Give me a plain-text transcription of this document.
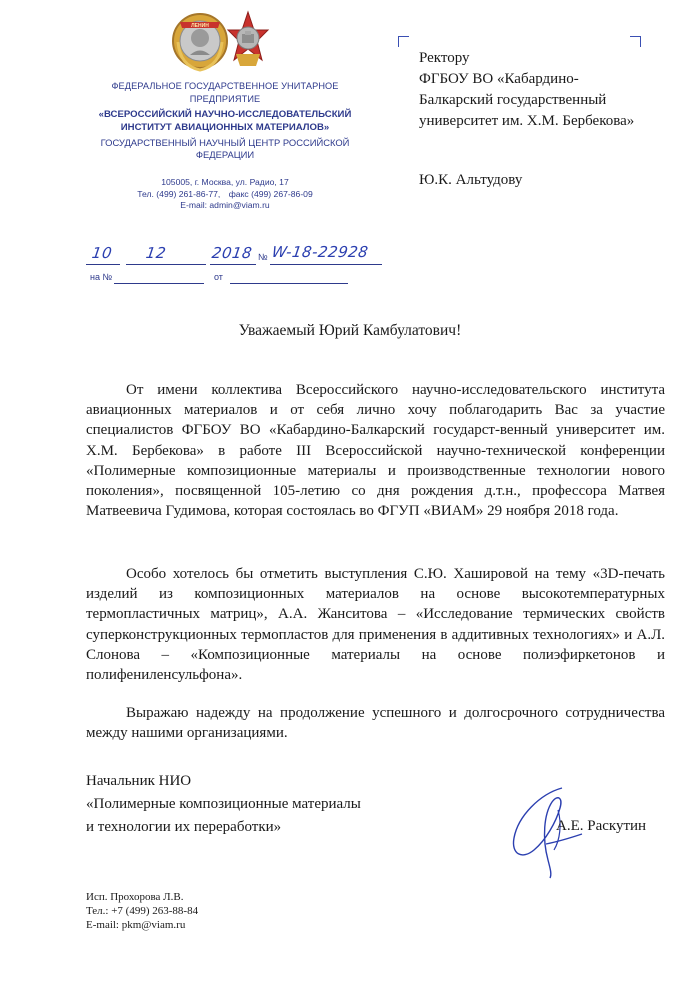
ЛЕНИН
ФЕДЕРАЛЬНОЕ ГОСУДАРСТВЕННОЕ УНИТАРНОЕ ПРЕДПРИЯТИЕ
«ВСЕРОССИЙСКИЙ НАУЧНО-ИССЛЕДОВАТЕЛЬСКИЙ ИНСТИТУТ АВИАЦИОННЫХ МАТЕРИАЛОВ»
ГОСУДАРСТВЕННЫЙ НАУЧНЫЙ ЦЕНТР РОССИЙСКОЙ ФЕДЕРАЦИИ
105005, г. Москва, ул. Радио, 17
Тел. (499) 261-86-77, факс (499) 267-86-09
E-mail: admin@viam.ru
10 12	2018 № W-18-22928
на №	от
Ректору
ФГБОУ ВО «Кабардино-
Балкарский государственный
университет им. Х.М. Бербекова»
Ю.К. Альтудову
Уважаемый Юрий Камбулатович!

От имени коллектива Всероссийского научно-исследовательского института авиационных материалов и от себя лично хочу поблагодарить Вас за участие специалистов ФГБОУ ВО «Кабардино-Балкарский государст-венный университет им. Х.М. Бербекова» в работе III Всероссийской научно-технической конференции «Полимерные композиционные материалы и производственные технологии нового поколения», посвященной 105-летию со дня рождения д.т.н., профессора Матвея Матвеевича Гудимова, которая состоялась во ФГУП «ВИАМ» 29 ноября 2018 года.

Особо хотелось бы отметить выступления С.Ю. Хашировой на тему «3D-печать изделий из композиционных материалов на основе высокотемпературных термопластичных матриц», А.А. Жанситова – «Исследование термических свойств суперконструкционных термопластов для применения в аддитивных технологиях» и А.Л. Слонова – «Композиционные материалы на основе полиэфиркетонов и полифениленсульфона».

Выражаю надежду на продолжение успешного и долгосрочного сотрудничества между нашими организациями.

Начальник НИО
«Полимерные композиционные материалы
и технологии их переработки»	А.Е. Раскутин
Исп. Прохорова Л.В.
Тел.: +7 (499) 263-88-84
E-mail: pkm@viam.ru
